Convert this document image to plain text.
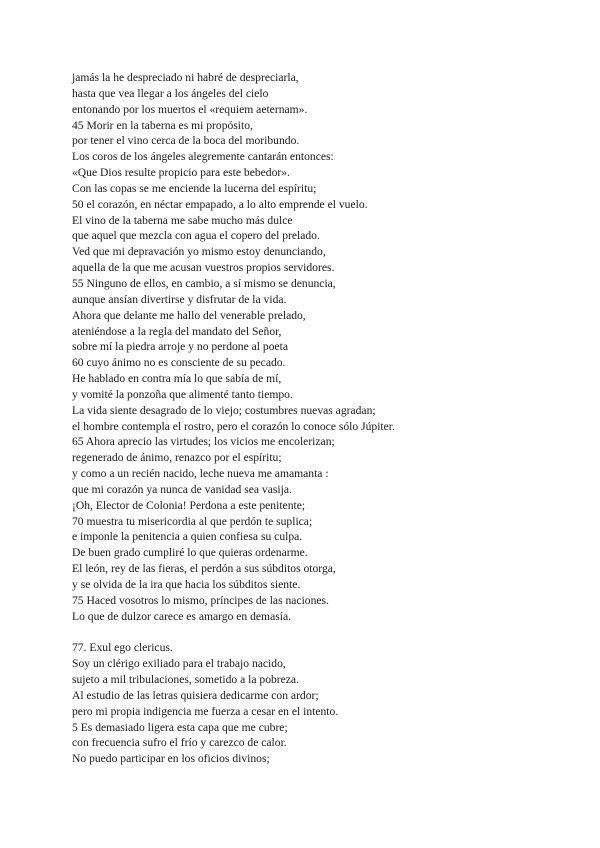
jamás la he despreciado ni habré de despreciarla,
hasta que vea llegar a los ángeles del cielo
entonando por los muertos el «requiem aeternam».
45 Morir en la taberna es mi propósito,
por tener el vino cerca de la boca del moribundo.
Los coros de los ángeles alegremente cantarán entonces:
«Que Dios resulte propicio para este bebedor».
Con las copas se me enciende la lucerna del espíritu;
50 el corazón, en néctar empapado, a lo alto emprende el vuelo.
El vino de la taberna me sabe mucho más dulce
que aquel que mezcla con agua el copero del prelado.
Ved que mi depravación yo mismo estoy denunciando,
aquella de la que me acusan vuestros propios servidores.
55 Ninguno de ellos, en cambio, a sí mismo se denuncia,
aunque ansían divertirse y disfrutar de la vida.
Ahora que delante me hallo del venerable prelado,
ateniéndose a la regla del mandato del Señor,
sobre mí la piedra arroje y no perdone al poeta
60 cuyo ánimo no es consciente de su pecado.
He hablado en contra mía lo que sabía de mí,
y vomité la ponzoña que alimenté tanto tiempo.
La vida siente desagrado de lo viejo; costumbres nuevas agradan;
el hombre contempla el rostro, pero el corazón lo conoce sólo Júpiter.
65 Ahora aprecio las virtudes; los vicios me encolerizan;
regenerado de ánimo, renazco por el espíritu;
y como a un recién nacido, leche nueva me amamanta :
que mi corazón ya nunca de vanidad sea vasija.
¡Oh, Elector de Colonia! Perdona a este penitente;
70 muestra tu misericordia al que perdón te suplica;
e imponle la penitencia a quien confiesa su culpa.
De buen grado cumpliré lo que quieras ordenarme.
El león, rey de las fieras, el perdón a sus súbditos otorga,
y se olvida de la ira que hacia los súbditos siente.
75 Haced vosotros lo mismo, príncipes de las naciones.
Lo que de dulzor carece es amargo en demasía.
77. Exul ego clericus.
Soy un clérigo exiliado para el trabajo nacido,
sujeto a mil tribulaciones, sometido a la pobreza.
Al estudio de las letras quisiera dedicarme con ardor;
pero mi propia indigencia me fuerza a cesar en el intento.
5 Es demasiado ligera esta capa que me cubre;
con frecuencia sufro el frío y carezco de calor.
No puedo participar en los oficios divinos;
